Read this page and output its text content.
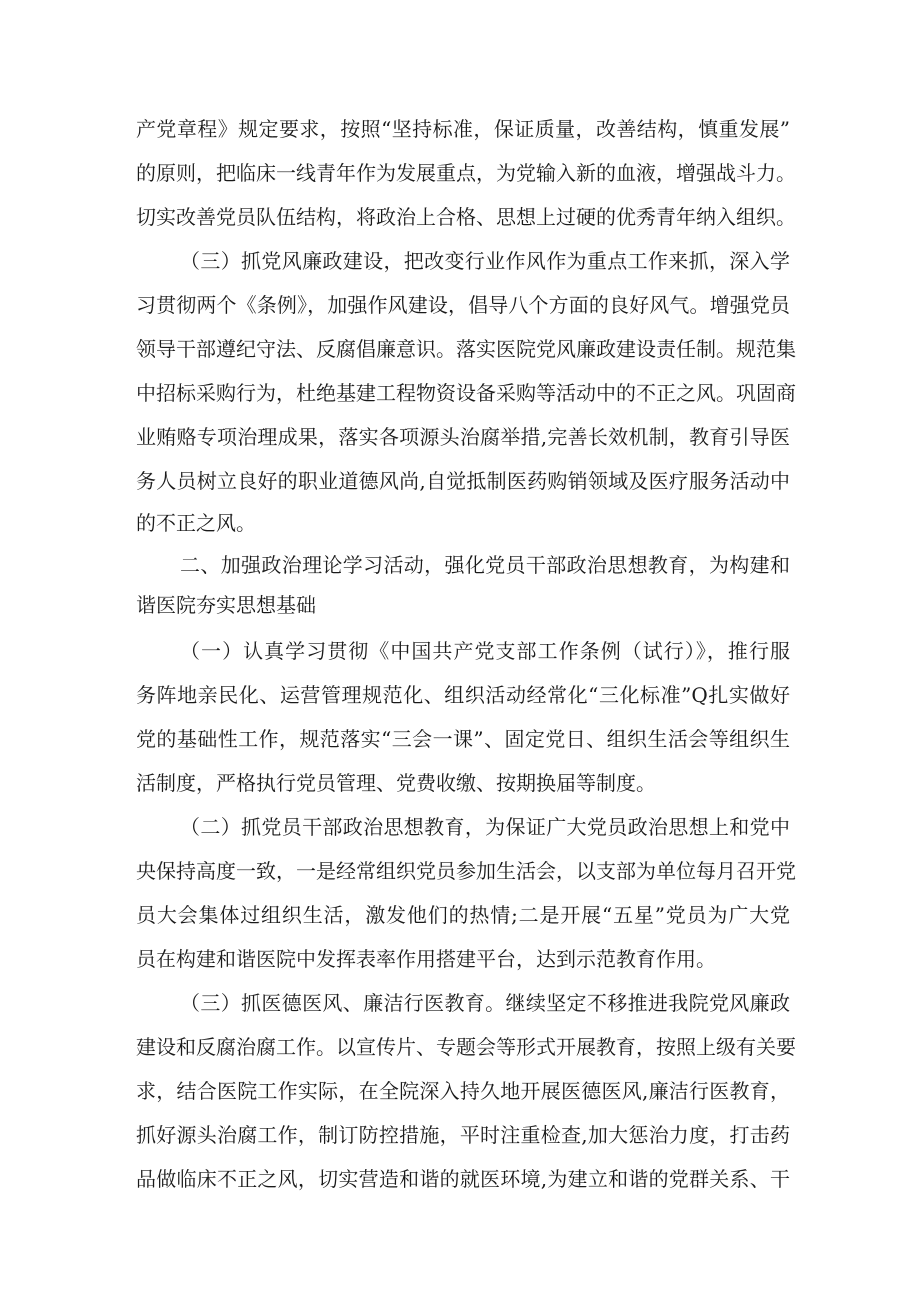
产党章程》规定要求，按照“坚持标准，保证质量，改善结构，慎重发展”
的原则，把临床一线青年作为发展重点，为党输入新的血液，增强战斗力。
切实改善党员队伍结构，将政治上合格、思想上过硬的优秀青年纳入组织。
（三）抓党风廉政建设，把改变行业作风作为重点工作来抓，深入学
习贯彻两个《条例》，加强作风建设，倡导八个方面的良好风气。增强党员
领导干部遵纪守法、反腐倡廉意识。落实医院党风廉政建设责任制。规范集
中招标采购行为，杜绝基建工程物资设备采购等活动中的不正之风。巩固商
业贿赂专项治理成果，落实各项源头治腐举措,完善长效机制，教育引导医
务人员树立良好的职业道德风尚,自觉抵制医药购销领域及医疗服务活动中
的不正之风。
二、加强政治理论学习活动，强化党员干部政治思想教育，为构建和
谐医院夯实思想基础
（一）认真学习贯彻《中国共产党支部工作条例（试行）》，推行服
务阵地亲民化、运营管理规范化、组织活动经常化“三化标准”Q扎实做好
党的基础性工作，规范落实“三会一课”、固定党日、组织生活会等组织生
活制度，严格执行党员管理、党费收缴、按期换届等制度。
（二）抓党员干部政治思想教育，为保证广大党员政治思想上和党中
央保持高度一致，一是经常组织党员参加生活会，以支部为单位每月召开党
员大会集体过组织生活，激发他们的热情;二是开展“五星”党员为广大党
员在构建和谐医院中发挥表率作用搭建平台，达到示范教育作用。
（三）抓医德医风、廉洁行医教育。继续坚定不移推进我院党风廉政
建设和反腐治腐工作。以宣传片、专题会等形式开展教育，按照上级有关要
求，结合医院工作实际，在全院深入持久地开展医德医风,廉洁行医教育，
抓好源头治腐工作，制订防控措施，平时注重检查,加大惩治力度，打击药
品做临床不正之风，切实营造和谐的就医环境,为建立和谐的党群关系、干
